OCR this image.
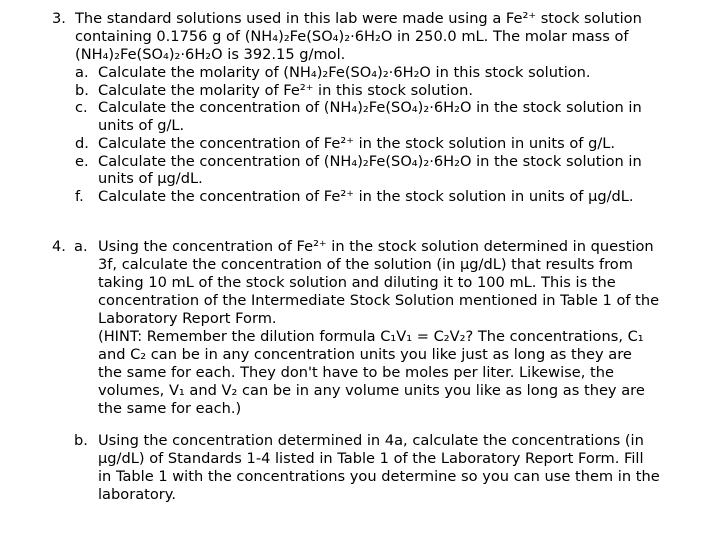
3. The standard solutions used in this lab were made using a Fe²⁺ stock solution
containing 0.1756 g of (NH₄)₂Fe(SO₄)₂·6H₂O in 250.0 mL. The molar mass of
(NH₄)₂Fe(SO₄)₂·6H₂O is 392.15 g/mol.
a. Calculate the molarity of (NH₄)₂Fe(SO₄)₂·6H₂O in this stock solution.
b. Calculate the molarity of Fe²⁺ in this stock solution.
c. Calculate the concentration of (NH₄)₂Fe(SO₄)₂·6H₂O in the stock solution in
units of g/L.
d. Calculate the concentration of Fe²⁺ in the stock solution in units of g/L.
e. Calculate the concentration of (NH₄)₂Fe(SO₄)₂·6H₂O in the stock solution in
units of µg/dL.
f. Calculate the concentration of Fe²⁺ in the stock solution in units of µg/dL.
4. a. Using the concentration of Fe²⁺ in the stock solution determined in question
3f, calculate the concentration of the solution (in µg/dL) that results from
taking 10 mL of the stock solution and diluting it to 100 mL. This is the
concentration of the Intermediate Stock Solution mentioned in Table 1 of the
Laboratory Report Form.
(HINT: Remember the dilution formula C₁V₁ = C₂V₂? The concentrations, C₁
and C₂ can be in any concentration units you like just as long as they are
the same for each. They don't have to be moles per liter. Likewise, the
volumes, V₁ and V₂ can be in any volume units you like as long as they are
the same for each.)
b. Using the concentration determined in 4a, calculate the concentrations (in
µg/dL) of Standards 1-4 listed in Table 1 of the Laboratory Report Form. Fill
in Table 1 with the concentrations you determine so you can use them in the
laboratory.
